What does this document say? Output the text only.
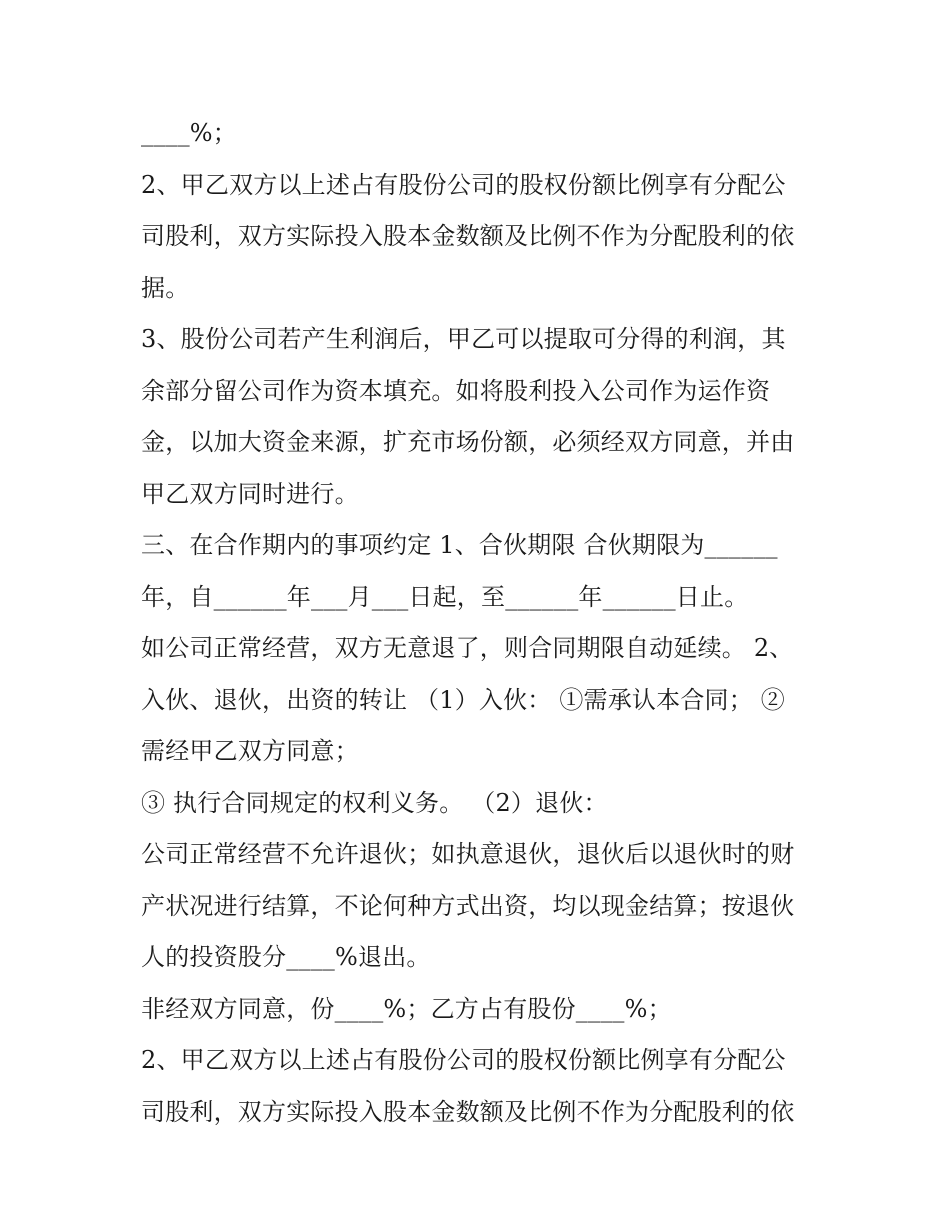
____%；
2、甲乙双方以上述占有股份公司的股权份额比例享有分配公
司股利，双方实际投入股本金数额及比例不作为分配股利的依
据。
3、股份公司若产生利润后，甲乙可以提取可分得的利润，其
余部分留公司作为资本填充。如将股利投入公司作为运作资
金，以加大资金来源，扩充市场份额，必须经双方同意，并由
甲乙双方同时进行。
三、在合作期内的事项约定 1、合伙期限 合伙期限为______
年，自______年___月___日起，至______年______日止。
如公司正常经营，双方无意退了，则合同期限自动延续。 2、
入伙、退伙，出资的转让 （1）入伙： ①需承认本合同； ②
需经甲乙双方同意；
③ 执行合同规定的权利义务。 （2）退伙：
公司正常经营不允许退伙；如执意退伙，退伙后以退伙时的财
产状况进行结算，不论何种方式出资，均以现金结算；按退伙
人的投资股分____%退出。
非经双方同意，份____%；乙方占有股份____%；
2、甲乙双方以上述占有股份公司的股权份额比例享有分配公
司股利，双方实际投入股本金数额及比例不作为分配股利的依
